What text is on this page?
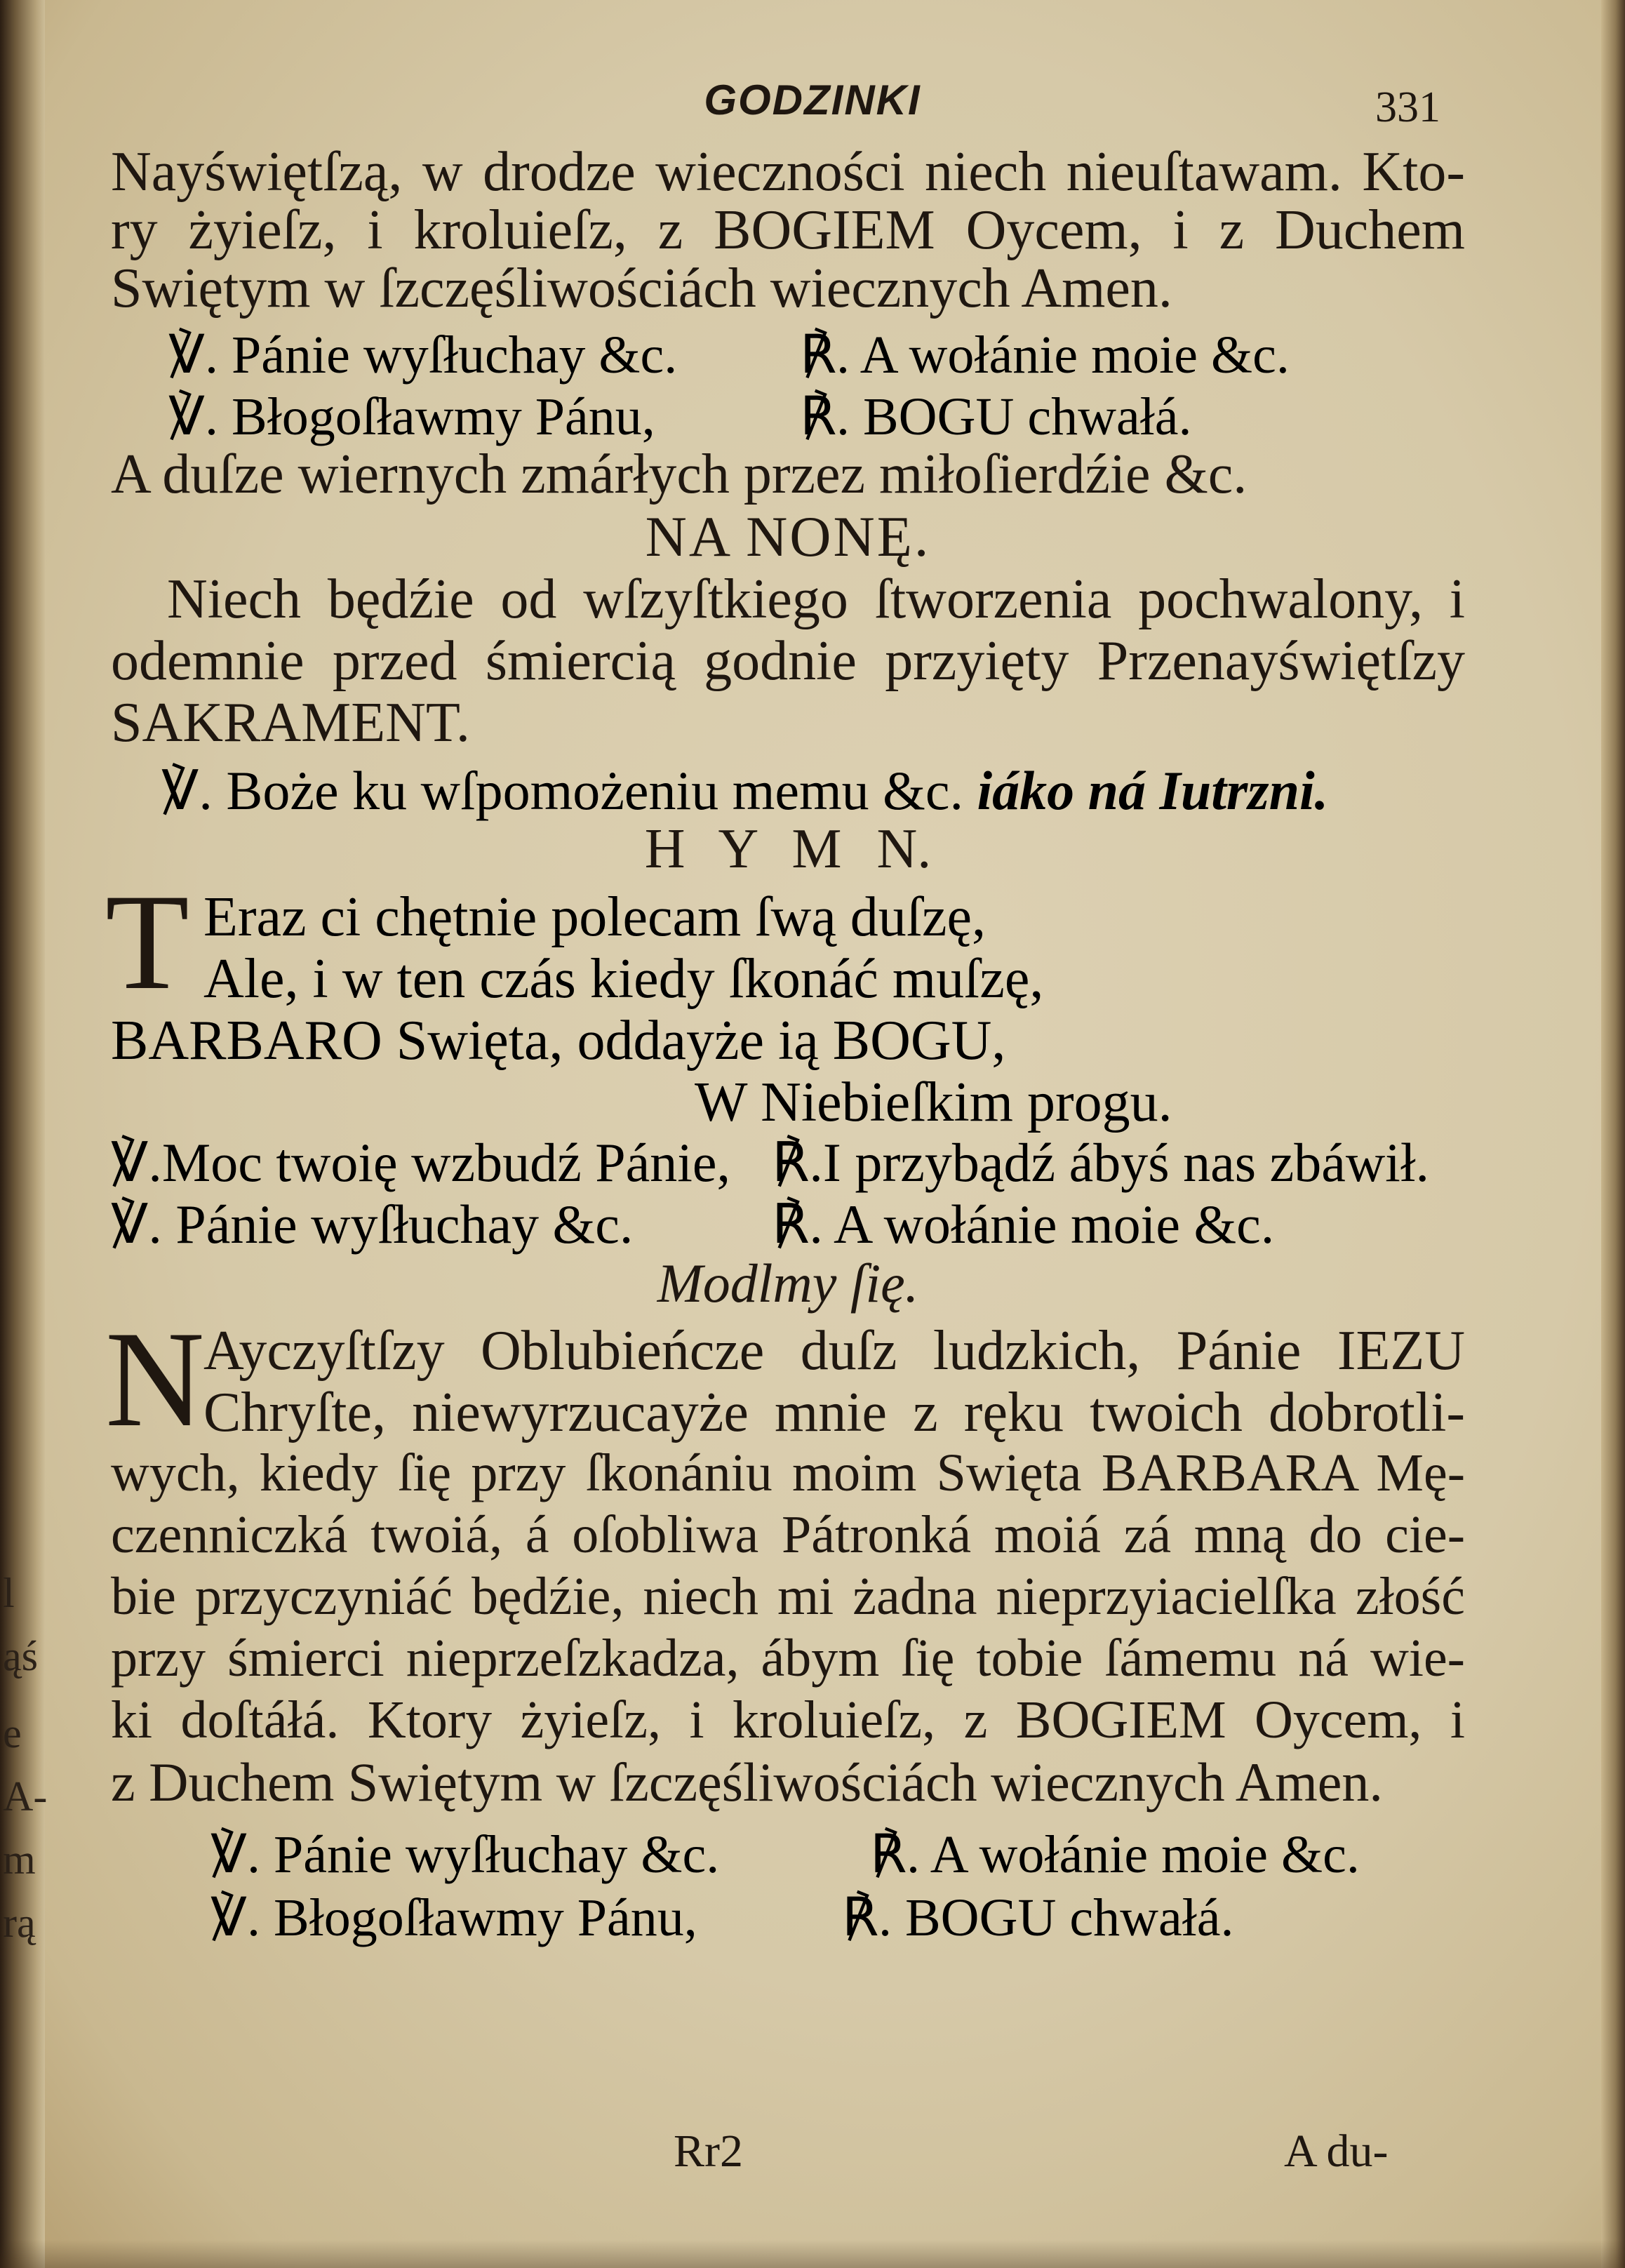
l
ąś
e
A-
m
rą
GODZINKI	331
Nayświętſzą, w drodze wieczności niech nieuſtawam. Kto-
ry żyieſz, i kroluieſz, z BOGIEM Oycem, i z Duchem
Swiętym w ſzczęśliwościách wiecznych Amen.
℣. Pánie wyſłuchay &c. ℟. A wołánie moie &c.
℣. Błogoſławmy Pánu,	℟. BOGU chwałá.
A duſze wiernych zmárłych przez miłoſierdźie &c.
NA NONĘ.
Niech będźie od wſzyſtkiego ſtworzenia pochwalony, i
odemnie przed śmiercią godnie przyięty Przenayświętſzy
SAKRAMENT.
℣. Boże ku wſpomożeniu memu &c. iáko ná Iutrzni.
H Y M N.
T Eraz ci chętnie polecam ſwą duſzę,
Ale, i w ten czás kiedy ſkonáć muſzę,
BARBARO Swięta, oddayże ią BOGU,
W Niebieſkim progu.
℣.Moc twoię wzbudź Pánie, ℟.I przybądź ábyś nas zbáwił.
℣. Pánie wyſłuchay &c.	℟. A wołánie moie &c.
Modlmy ſię.
N
Ayczyſtſzy Oblubieńcze duſz ludzkich, Pánie IEZU
Chryſte, niewyrzucayże mnie z ręku twoich dobrotli-
wych, kiedy ſię przy ſkonániu moim Swięta BARBARA Mę-
czenniczká twoiá, á oſobliwa Pátronká moiá zá mną do cie-
bie przyczyniáć będźie, niech mi żadna nieprzyiacielſka złość
przy śmierci nieprzeſzkadza, ábym ſię tobie ſámemu ná wie-
ki doſtáłá. Ktory żyieſz, i kroluieſz, z BOGIEM Oycem, i
z Duchem Swiętym w ſzczęśliwościách wiecznych Amen.
℣. Pánie wyſłuchay &c.	℟. A wołánie moie &c.
℣. Błogoſławmy Pánu,	℟. BOGU chwałá.
Rr2	A du-
